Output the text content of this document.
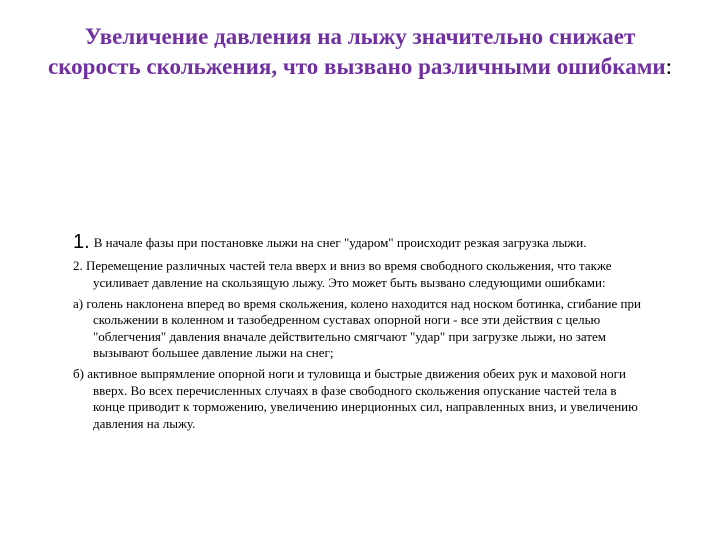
Увеличение давления на лыжу значительно снижает скорость скольжения, что вызвано различными ошибками:

1. В начале фазы при постановке лыжи на снег "ударом" происходит резкая загрузка лыжи.

2. Перемещение различных частей тела вверх и вниз во время свободного скольжения, что также усиливает давление на скользящую лыжу. Это может быть вызвано следующими ошибками:

а) голень наклонена вперед во время скольжения, колено находится над носком ботинка, сгибание при скольжении в коленном и тазобедренном суставах опорной ноги - все эти действия с целью "облегчения" давления вначале действительно смягчают "удар" при загрузке лыжи, но затем вызывают большее давление лыжи на снег;

б) активное выпрямление опорной ноги и туловища и быстрые движения обеих рук и маховой ноги вверх. Во всех перечисленных случаях в фазе свободного скольжения опускание частей тела в конце приводит к торможению, увеличению инерционных сил, направленных вниз, и увеличению давления на лыжу.
